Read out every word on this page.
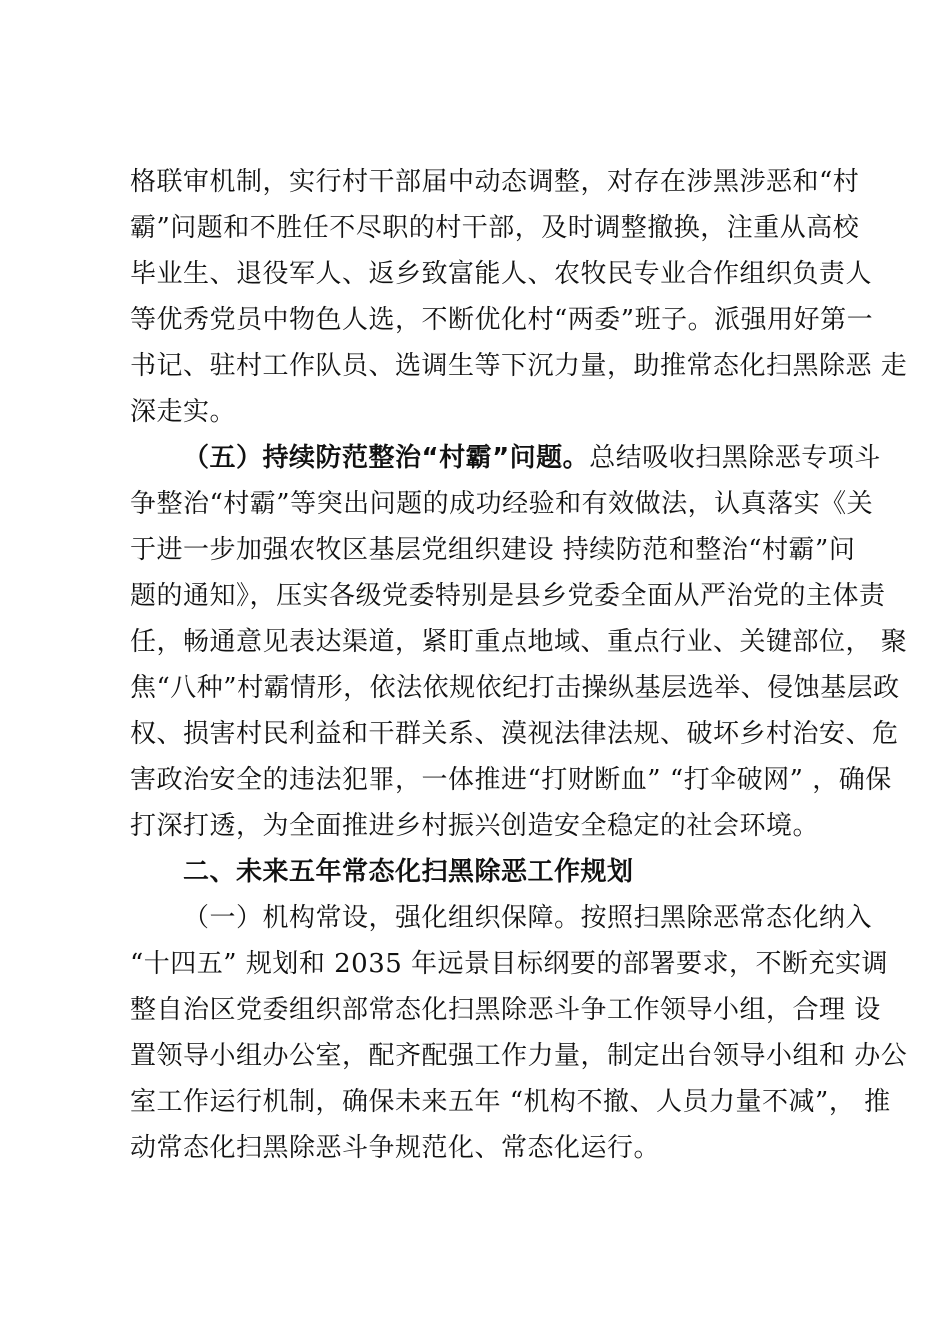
格联审机制，实行村干部届中动态调整，对存在涉黑涉恶和“村
霸”问题和不胜任不尽职的村干部，及时调整撤换，注重从高校
毕业生、退役军人、返乡致富能人、农牧民专业合作组织负责人
等优秀党员中物色人选，不断优化村“两委”班子。派强用好第一
书记、驻村工作队员、选调生等下沉力量，助推常态化扫黑除恶 走
深走实。
（五）持续防范整治“村霸”问题。总结吸收扫黑除恶专项斗
争整治“村霸”等突出问题的成功经验和有效做法，认真落实《关
于进一步加强农牧区基层党组织建设 持续防范和整治“村霸”问
题的通知》，压实各级党委特别是县乡党委全面从严治党的主体责
任，畅通意见表达渠道，紧盯重点地域、重点行业、关键部位， 聚
焦“八种”村霸情形，依法依规依纪打击操纵基层选举、侵蚀基层政
权、损害村民利益和干群关系、漠视法律法规、破坏乡村治安、危
害政治安全的违法犯罪，一体推进“打财断血” “打伞破网” ，确保
打深打透，为全面推进乡村振兴创造安全稳定的社会环境。
二、未来五年常态化扫黑除恶工作规划
（一）机构常设，强化组织保障。按照扫黑除恶常态化纳入
“十四五” 规划和 2035 年远景目标纲要的部署要求，不断充实调
整自治区党委组织部常态化扫黑除恶斗争工作领导小组，合理 设
置领导小组办公室，配齐配强工作力量，制定出台领导小组和 办公
室工作运行机制，确保未来五年 “机构不撤、人员力量不减”， 推
动常态化扫黑除恶斗争规范化、常态化运行。
